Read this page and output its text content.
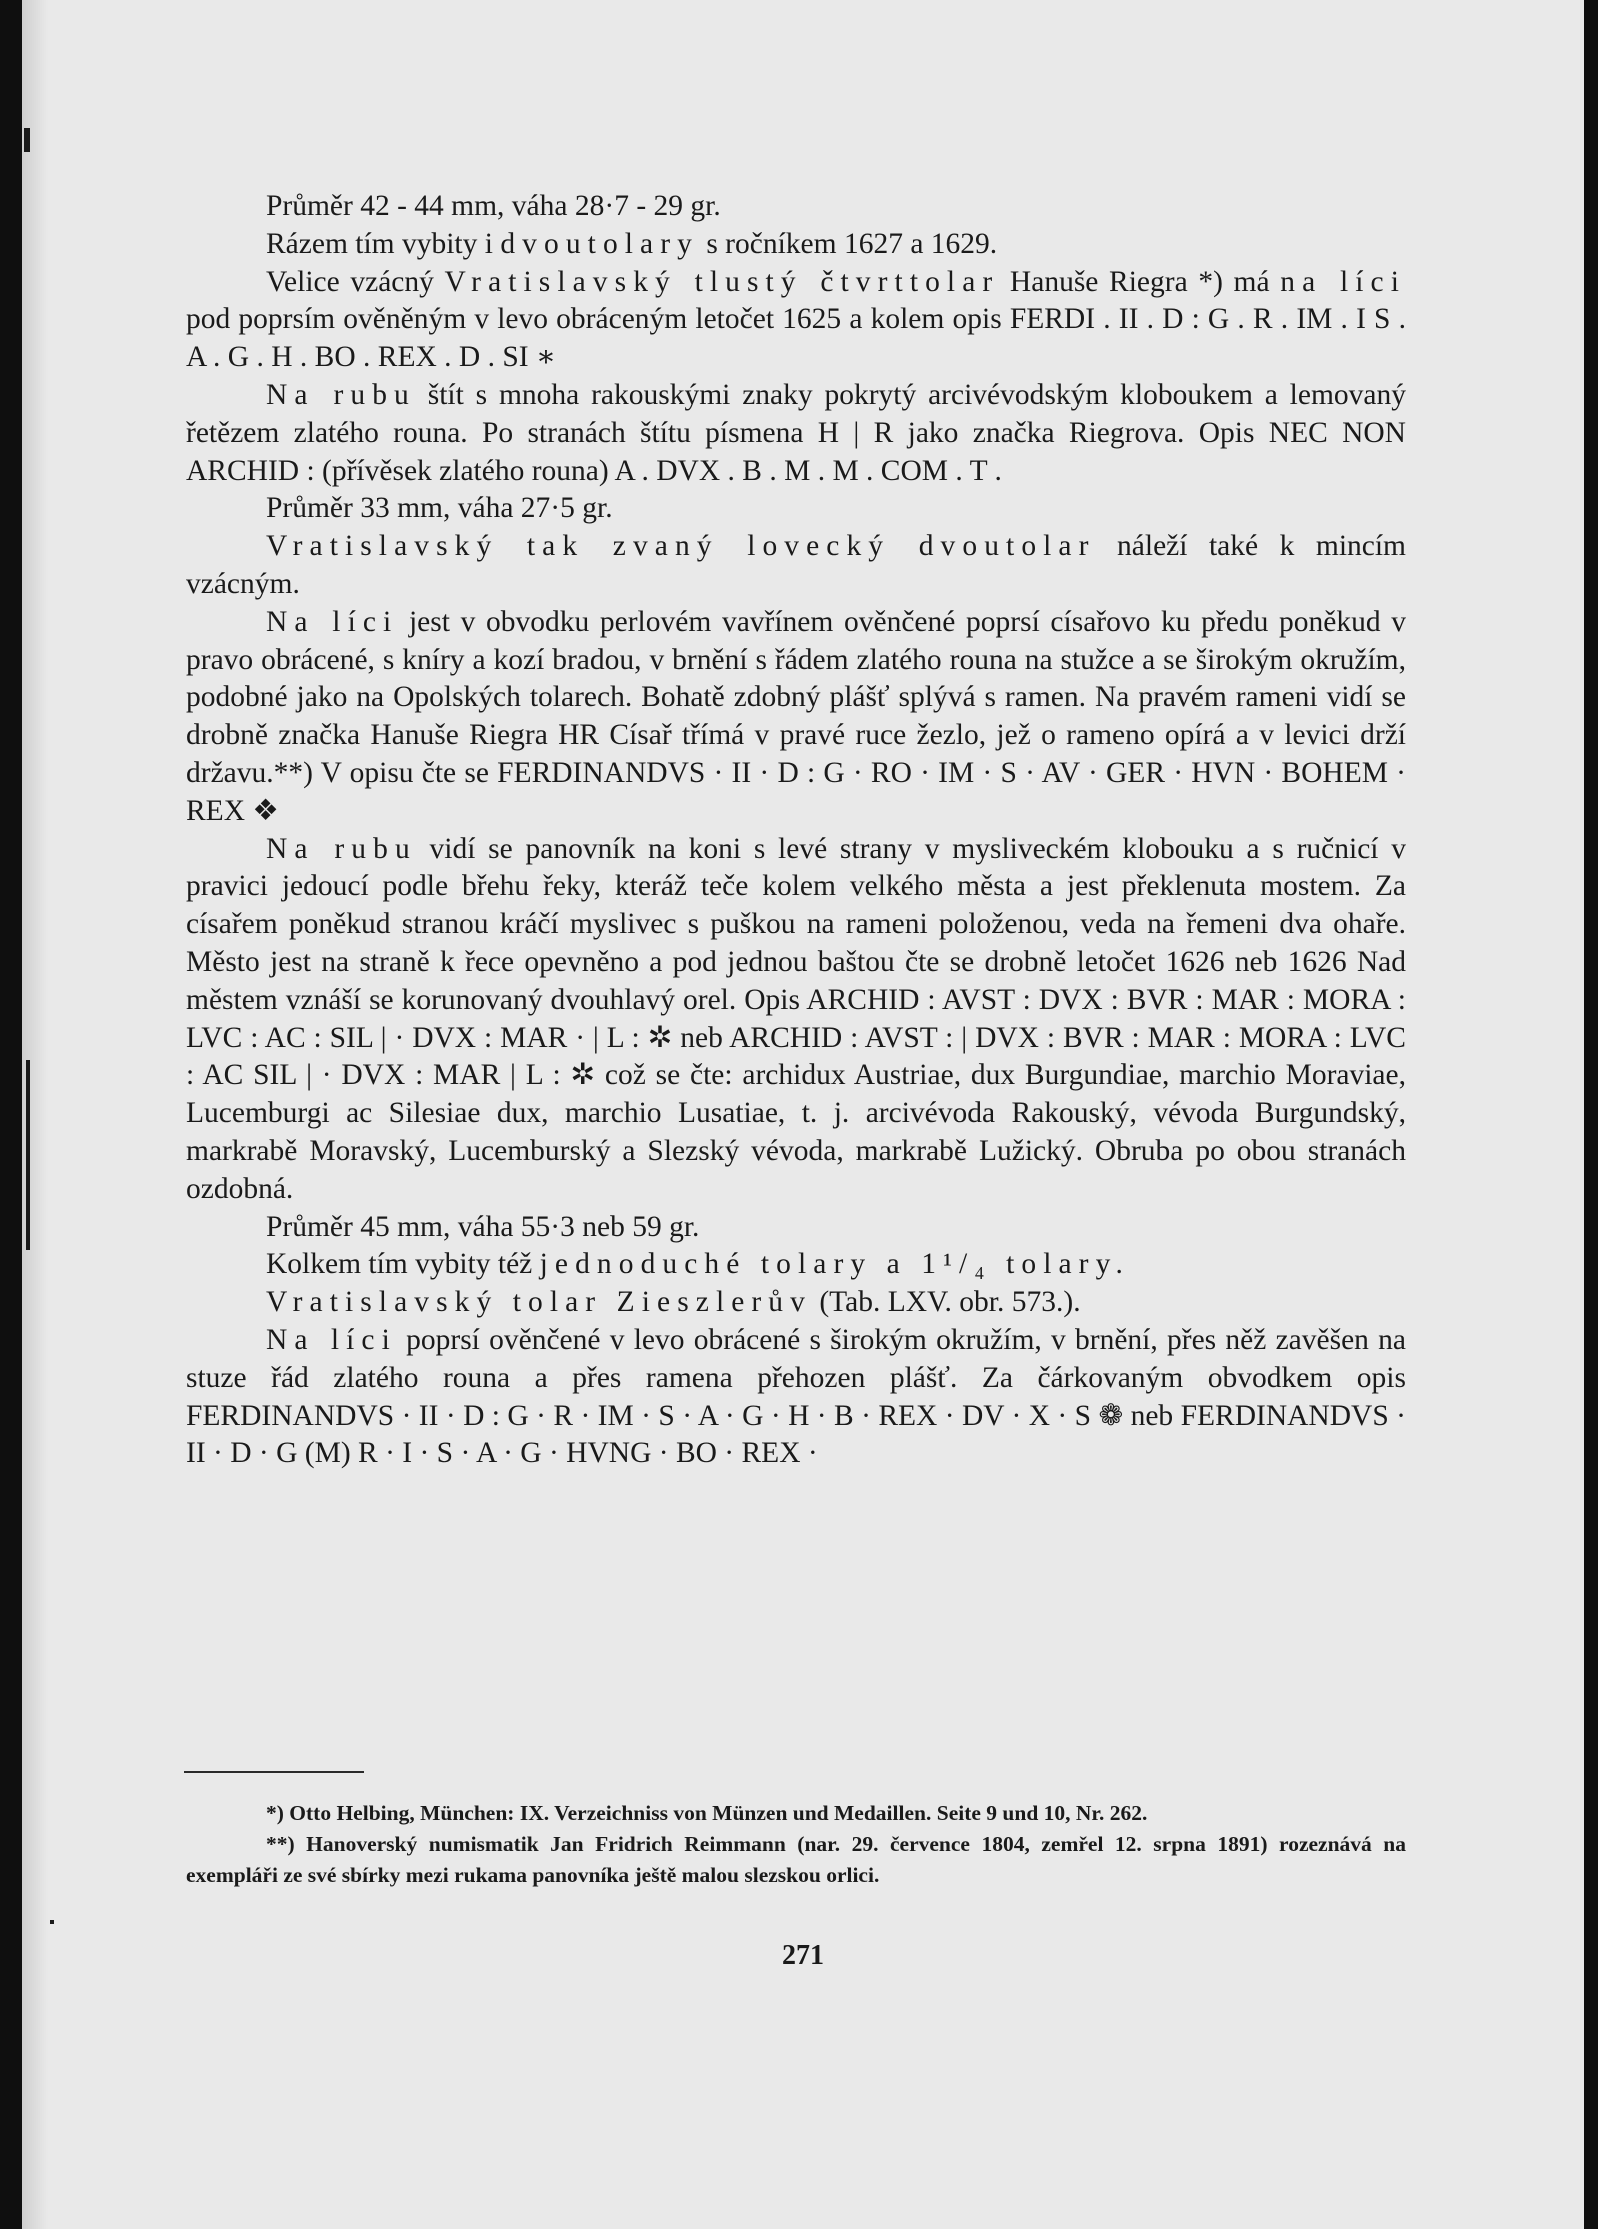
Průměr 42 - 44 mm, váha 28·7 - 29 gr.

Rázem tím vybity i dvoutolary s ročníkem 1627 a 1629.

Velice vzácný Vratislavský tlustý čtvrttolar Hanuše Riegra *) má na líci pod poprsím ověněným v levo obráceným letočet 1625 a kolem opis FERDI . II . D : G . R . IM . I S . A . G . H . BO . REX . D . SI ∗

Na rubu štít s mnoha rakouskými znaky pokrytý arcivévodským kloboukem a lemovaný řetězem zlatého rouna. Po stranách štítu písmena H | R jako značka Riegrova. Opis NEC NON ARCHID : (přívěsek zlatého rouna) A . DVX . B . M . M . COM . T .

Průměr 33 mm, váha 27·5 gr.

Vratislavský tak zvaný lovecký dvoutolar náleží také k mincím vzácným.

Na líci jest v obvodku perlovém vavřínem ověnčené poprsí císařovo ku předu poněkud v pravo obrácené, s kníry a kozí bradou, v brnění s řádem zlatého rouna na stužce a se širokým okružím, podobné jako na Opolských tolarech. Bohatě zdobný plášť splývá s ramen. Na pravém rameni vidí se drobně značka Hanuše Riegra HR Císař třímá v pravé ruce žezlo, jež o rameno opírá a v levici drží državu.**) V opisu čte se FERDINANDVS · II · D : G · RO · IM · S · AV · GER · HVN · BOHEM · REX ❖

Na rubu vidí se panovník na koni s levé strany v mysliveckém klobouku a s ručnicí v pravici jedoucí podle břehu řeky, kteráž teče kolem velkého města a jest překlenuta mostem. Za císařem poněkud stranou kráčí myslivec s puškou na rameni položenou, veda na řemeni dva ohaře. Město jest na straně k řece opevněno a pod jednou baštou čte se drobně letočet 1626 neb 1626 Nad městem vznáší se korunovaný dvouhlavý orel. Opis ARCHID : AVST : DVX : BVR : MAR : MORA : LVC : AC : SIL | · DVX : MAR · | L : ✲ neb ARCHID : AVST : | DVX : BVR : MAR : MORA : LVC : AC SIL | · DVX : MAR | L : ✲ což se čte: archidux Austriae, dux Burgundiae, marchio Moraviae, Lucemburgi ac Silesiae dux, marchio Lusatiae, t. j. arcivévoda Rakouský, vévoda Burgundský, markrabě Moravský, Lucemburský a Slezský vévoda, markrabě Lužický. Obruba po obou stranách ozdobná.

Průměr 45 mm, váha 55·3 neb 59 gr.

Kolkem tím vybity též jednoduché tolary a 1¹/₄ tolary.

Vratislavský tolar Zieszlerův (Tab. LXV. obr. 573.).

Na líci poprsí ověnčené v levo obrácené s širokým okružím, v brnění, přes něž zavěšen na stuze řád zlatého rouna a přes ramena přehozen plášť. Za čárkovaným obvodkem opis FERDINANDVS · II · D : G · R · IM · S · A · G · H · B · REX · DV · X · S ❁ neb FERDINANDVS · II · D · G (M) R · I · S · A · G · HVNG · BO · REX ·

*) Otto Helbing, München: IX. Verzeichniss von Münzen und Medaillen. Seite 9 und 10, Nr. 262.

**) Hanoverský numismatik Jan Fridrich Reimmann (nar. 29. července 1804, zemřel 12. srpna 1891) rozeznává na exempláři ze své sbírky mezi rukama panovníka ještě malou slezskou orlici.

271
